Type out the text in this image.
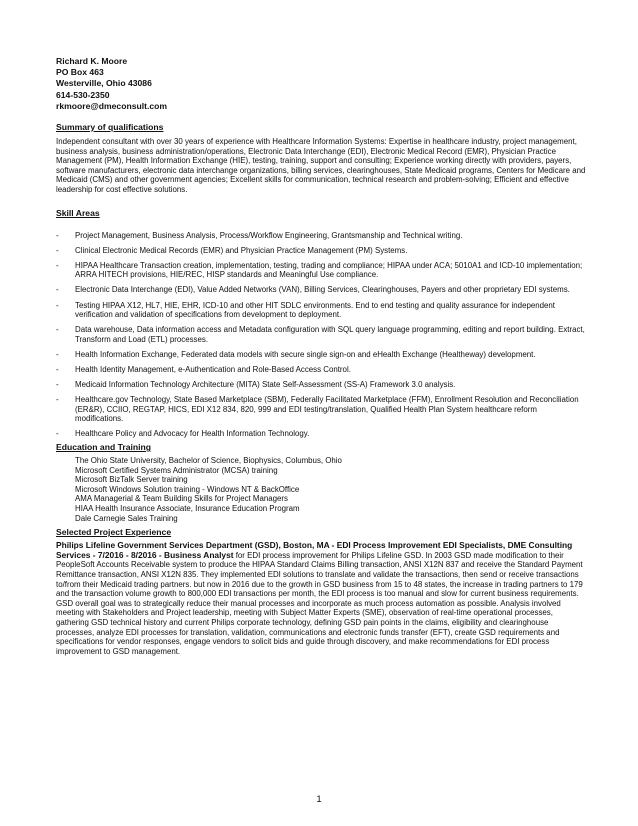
Richard K. Moore
PO Box 463
Westerville, Ohio 43086
614-530-2350
rkmoore@dmeconsult.com
Summary of qualifications

Independent consultant with over 30 years of experience with Healthcare Information Systems: Expertise in healthcare industry, project management, business analysis, business administration/operations, Electronic Data Interchange (EDI), Electronic Medical Record (EMR), Physician Practice Management (PM), Health Information Exchange (HIE), testing, training, support and consulting; Experience working directly with providers, payers, software manufacturers, electronic data interchange organizations, billing services, clearinghouses, State Medicaid programs, Centers for Medicare and Medicaid (CMS) and other government agencies; Excellent skills for communication, technical research and problem-solving; Efficient and effective leadership for cost effective solutions.

Skill Areas
- Project Management, Business Analysis, Process/Workflow Engineering, Grantsmanship and Technical writing.
- Clinical Electronic Medical Records (EMR) and Physician Practice Management (PM) Systems.
- HIPAA Healthcare Transaction creation, implementation, testing, trading and compliance; HIPAA under ACA; 5010A1 and ICD-10 implementation; ARRA HITECH provisions, HIE/REC, HISP standards and Meaningful Use compliance.
- Electronic Data Interchange (EDI), Value Added Networks (VAN), Billing Services, Clearinghouses, Payers and other proprietary EDI systems.
- Testing HIPAA X12, HL7, HIE, EHR, ICD-10 and other HIT SDLC environments. End to end testing and quality assurance for independent verification and validation of specifications from development to deployment.
- Data warehouse, Data information access and Metadata configuration with SQL query language programming, editing and report building. Extract, Transform and Load (ETL) processes.
- Health Information Exchange, Federated data models with secure single sign-on and eHealth Exchange (Healtheway) development.
- Health Identity Management, e-Authentication and Role-Based Access Control.
- Medicaid Information Technology Architecture (MITA) State Self-Assessment (SS-A) Framework 3.0 analysis.
- Healthcare.gov Technology, State Based Marketplace (SBM), Federally Facilitated Marketplace (FFM), Enrollment Resolution and Reconciliation (ER&R), CCIIO, REGTAP, HICS, EDI X12 834, 820, 999 and EDI testing/translation, Qualified Health Plan System healthcare reform modifications.
- Healthcare Policy and Advocacy for Health Information Technology.
Education and Training
The Ohio State University, Bachelor of Science, Biophysics, Columbus, Ohio
Microsoft Certified Systems Administrator (MCSA) training
Microsoft BizTalk Server training
Microsoft Windows Solution training - Windows NT & BackOffice
AMA Managerial & Team Building Skills for Project Managers
HIAA Health Insurance Associate, Insurance Education Program
Dale Carnegie Sales Training
Selected Project Experience

Philips Lifeline Government Services Department (GSD), Boston, MA - EDI Process Improvement EDI Specialists, DME Consulting Services - 7/2016 - 8/2016 - Business Analyst for EDI process improvement for Philips Lifeline GSD. In 2003 GSD made modification to their PeopleSoft Accounts Receivable system to produce the HIPAA Standard Claims Billing transaction, ANSI X12N 837 and receive the Standard Payment Remittance transaction, ANSI X12N 835. They implemented EDI solutions to translate and validate the transactions, then send or receive transactions to/from their Medicaid trading partners. but now in 2016 due to the growth in GSD business from 15 to 48 states, the increase in trading partners to 179 and the transaction volume growth to 800,000 EDI transactions per month, the EDI process is too manual and slow for current business requirements. GSD overall goal was to strategically reduce their manual processes and incorporate as much process automation as possible. Analysis involved meeting with Stakeholders and Project leadership, meeting with Subject Matter Experts (SME), observation of real-time operational processes, gathering GSD technical history and current Philips corporate technology, defining GSD pain points in the claims, eligibility and clearinghouse processes, analyze EDI processes for translation, validation, communications and electronic funds transfer (EFT), create GSD requirements and specifications for vendor responses, engage vendors to solicit bids and guide through discovery, and make recommendations for EDI process improvement to GSD management.

1
